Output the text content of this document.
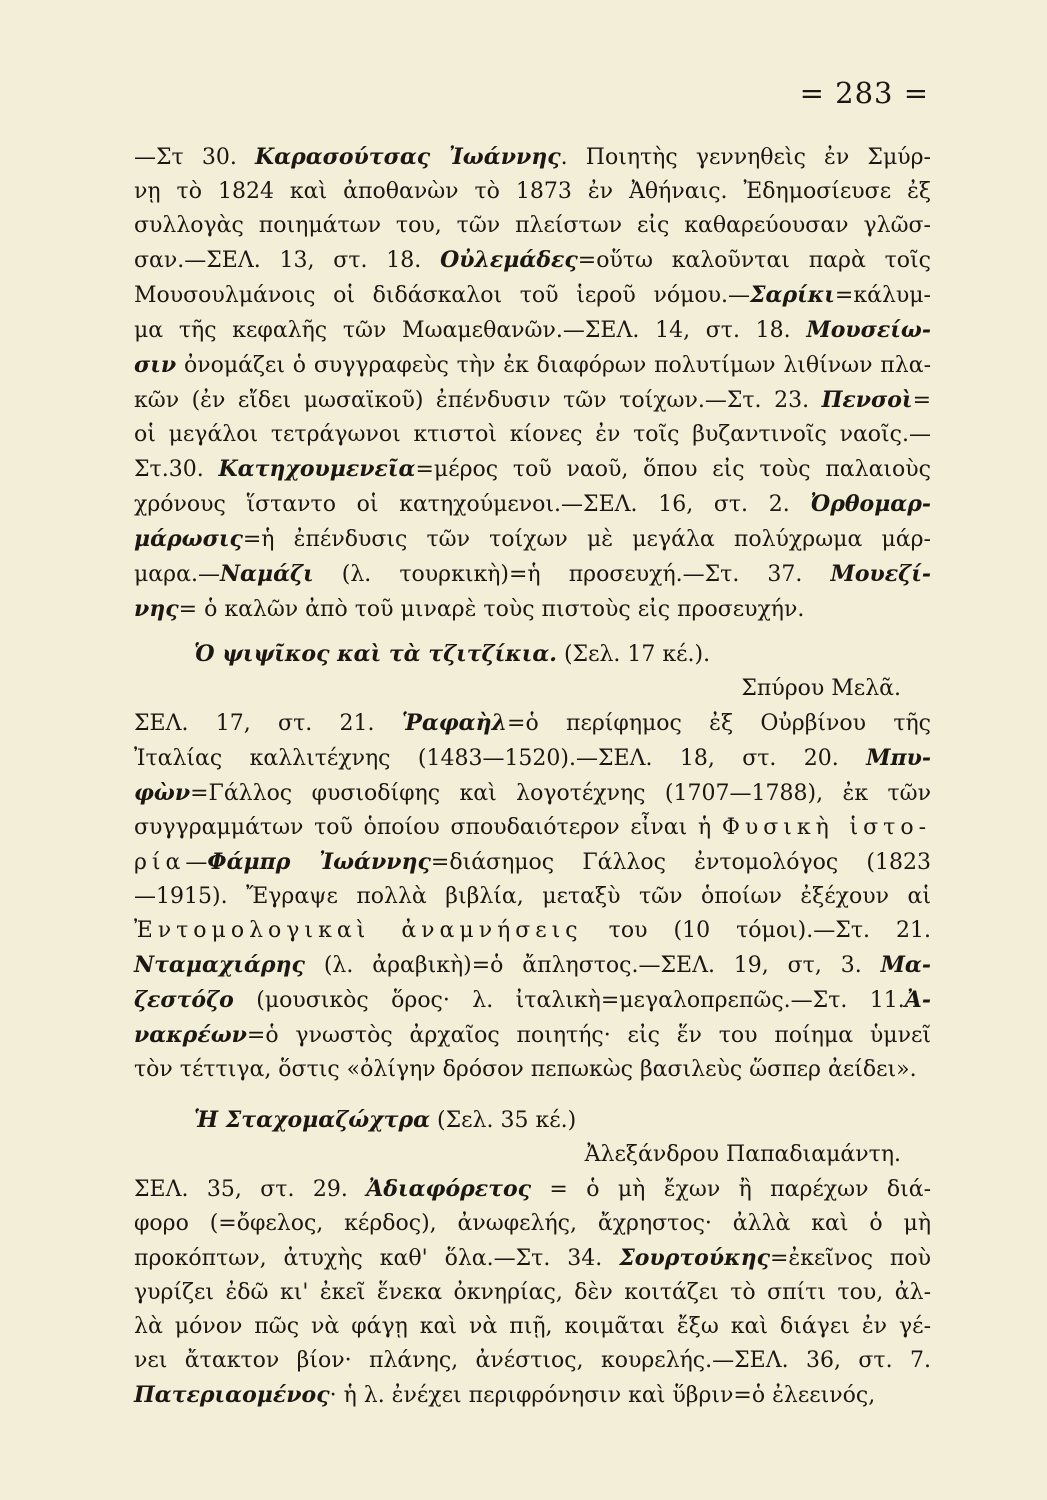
= 283 =

—Στ 30. Καρασούτσας Ἰωάννης. Ποιητὴς γεννηθεὶς ἐν Σμύρ-

νῃ τὸ 1824 καὶ ἀποθανὼν τὸ 1873 ἐν Ἀθήναις. Ἐδημοσίευσε ἐξ

συλλογὰς ποιημάτων του, τῶν πλείστων εἰς καθαρεύουσαν γλῶσ-

σαν.—ΣΕΛ. 13, στ. 18. Οὐλεμάδες=οὕτω καλοῦνται παρὰ τοῖς

Μουσουλμάνοις οἱ διδάσκαλοι τοῦ ἱεροῦ νόμου.—Σαρίκι=κάλυμ-

μα τῆς κεφαλῆς τῶν Μωαμεθανῶν.—ΣΕΛ. 14, στ. 18. Μουσείω-

σιν ὀνομάζει ὁ συγγραφεὺς τὴν ἐκ διαφόρων πολυτίμων λιθίνων πλα-

κῶν (ἐν εἴδει μωσαϊκοῦ) ἐπένδυσιν τῶν τοίχων.—Στ. 23. Πενσοὶ=

οἱ μεγάλοι τετράγωνοι κτιστοὶ κίονες ἐν τοῖς βυζαντινοῖς ναοῖς.—

Στ.30. Κατηχουμενεῖα=μέρος τοῦ ναοῦ, ὅπου εἰς τοὺς παλαιοὺς

χρόνους ἵσταντο οἱ κατηχούμενοι.—ΣΕΛ. 16, στ. 2. Ὀρθομαρ-

μάρωσις=ἡ ἐπένδυσις τῶν τοίχων μὲ μεγάλα πολύχρωμα μάρ-

μαρα.—Ναμάζι (λ. τουρκικὴ)=ἡ προσευχή.—Στ. 37. Μουεζί-

νης= ὁ καλῶν ἀπὸ τοῦ μιναρὲ τοὺς πιστοὺς εἰς προσευχήν.

Ὁ ψιψῖκος καὶ τὰ τζιτζίκια. (Σελ. 17 κέ.).

Σπύρου Μελᾶ.

ΣΕΛ. 17, στ. 21. Ῥαφαὴλ=ὁ περίφημος ἐξ Οὐρβίνου τῆς

Ἰταλίας καλλιτέχνης (1483—1520).—ΣΕΛ. 18, στ. 20. Μπυ-

φὼν=Γάλλος φυσιοδίφης καὶ λογοτέχνης (1707—1788), ἐκ τῶν

συγγραμμάτων τοῦ ὁποίου σπουδαιότερον εἶναι ἡ Φυσικὴ ἱστο-

ρία—Φάμπρ Ἰωάννης=διάσημος Γάλλος ἐντομολόγος (1823

—1915). Ἔγραψε πολλὰ βιβλία, μεταξὺ τῶν ὁποίων ἐξέχουν αἱ

Ἐντομολογικαὶ ἀναμνήσεις του (10 τόμοι).—Στ. 21.

Νταμαχιάρης (λ. ἀραβικὴ)=ὁ ἄπληστος.—ΣΕΛ. 19, στ, 3. Μα-

ζεστόζο (μουσικὸς ὅρος· λ. ἰταλικὴ=μεγαλοπρεπῶς.—Στ. 11.Ἀ-

νακρέων=ὁ γνωστὸς ἀρχαῖος ποιητής· εἰς ἕν του ποίημα ὑμνεῖ

τὸν τέττιγα, ὅστις «ὀλίγην δρόσον πεπωκὼς βασιλεὺς ὥσπερ ἀείδει».

Ἡ Σταχομαζώχτρα (Σελ. 35 κέ.)

Ἀλεξάνδρου Παπαδιαμάντη.

ΣΕΛ. 35, στ. 29. Ἀδιαφόρετος = ὁ μὴ ἔχων ἢ παρέχων διά-

φορο (=ὄφελος, κέρδος), ἀνωφελής, ἄχρηστος· ἀλλὰ καὶ ὁ μὴ

προκόπτων, ἀτυχὴς καθ' ὅλα.—Στ. 34. Σουρτούκης=ἐκεῖνος ποὺ

γυρίζει ἐδῶ κι' ἐκεῖ ἕνεκα ὀκνηρίας, δὲν κοιτάζει τὸ σπίτι του, ἀλ-

λὰ μόνον πῶς νὰ φάγῃ καὶ νὰ πιῇ, κοιμᾶται ἔξω καὶ διάγει ἐν γέ-

νει ἄτακτον βίον· πλάνης, ἀνέστιος, κουρελής.—ΣΕΛ. 36, στ. 7.

Πατεριαομένος· ἡ λ. ἐνέχει περιφρόνησιν καὶ ὕβριν=ὁ ἐλεεινός,
